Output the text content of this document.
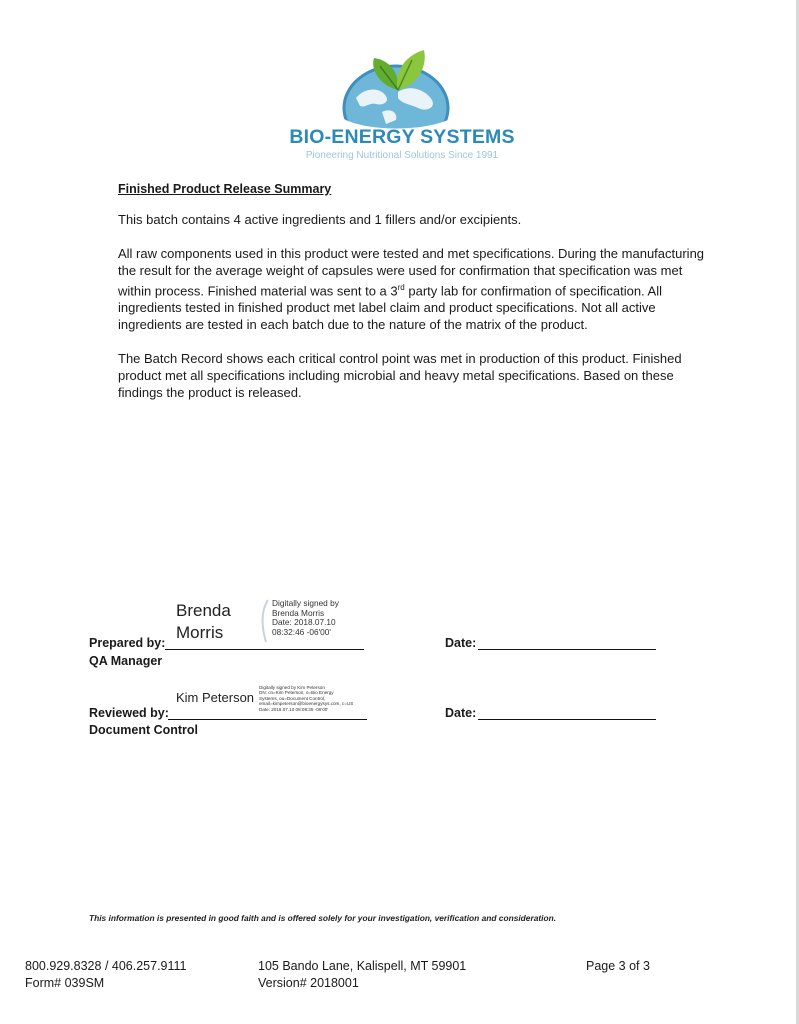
BIO-ENERGY SYSTEMS
Pioneering Nutritional Solutions Since 1991

Finished Product Release Summary

This batch contains 4 active ingredients and 1 fillers and/or excipients.

All raw components used in this product were tested and met specifications. During the manufacturing the result for the average weight of capsules were used for confirmation that specification was met within process. Finished material was sent to a 3rd party lab for confirmation of specification. All ingredients tested in finished product met label claim and product specifications. Not all active ingredients are tested in each batch due to the nature of the matrix of the product.

The Batch Record shows each critical control point was met in production of this product. Finished product met all specifications including microbial and heavy metal specifications. Based on these findings the product is released.

Brenda
Morris
Digitally signed by
Brenda Morris
Date: 2018.07.10
08:32:46 -06'00'
Prepared by:
QA Manager
Date:
Kim Peterson
Digitally signed by Kim Peterson
DN: cn=Kim Peterson, o=Bio Energy
Systems, ou=Document Control,
email=kimpeterson@bioenergysys.com, c=US
Date: 2018.07.10 08:08:35 -06'00'
Reviewed by:
Document Control
Date:
This information is presented in good faith and is offered solely for your investigation, verification and consideration.
800.929.8328 / 406.257.9111
Form# 039SM
105 Bando Lane, Kalispell, MT 59901
Version# 2018001
Page 3 of 3
